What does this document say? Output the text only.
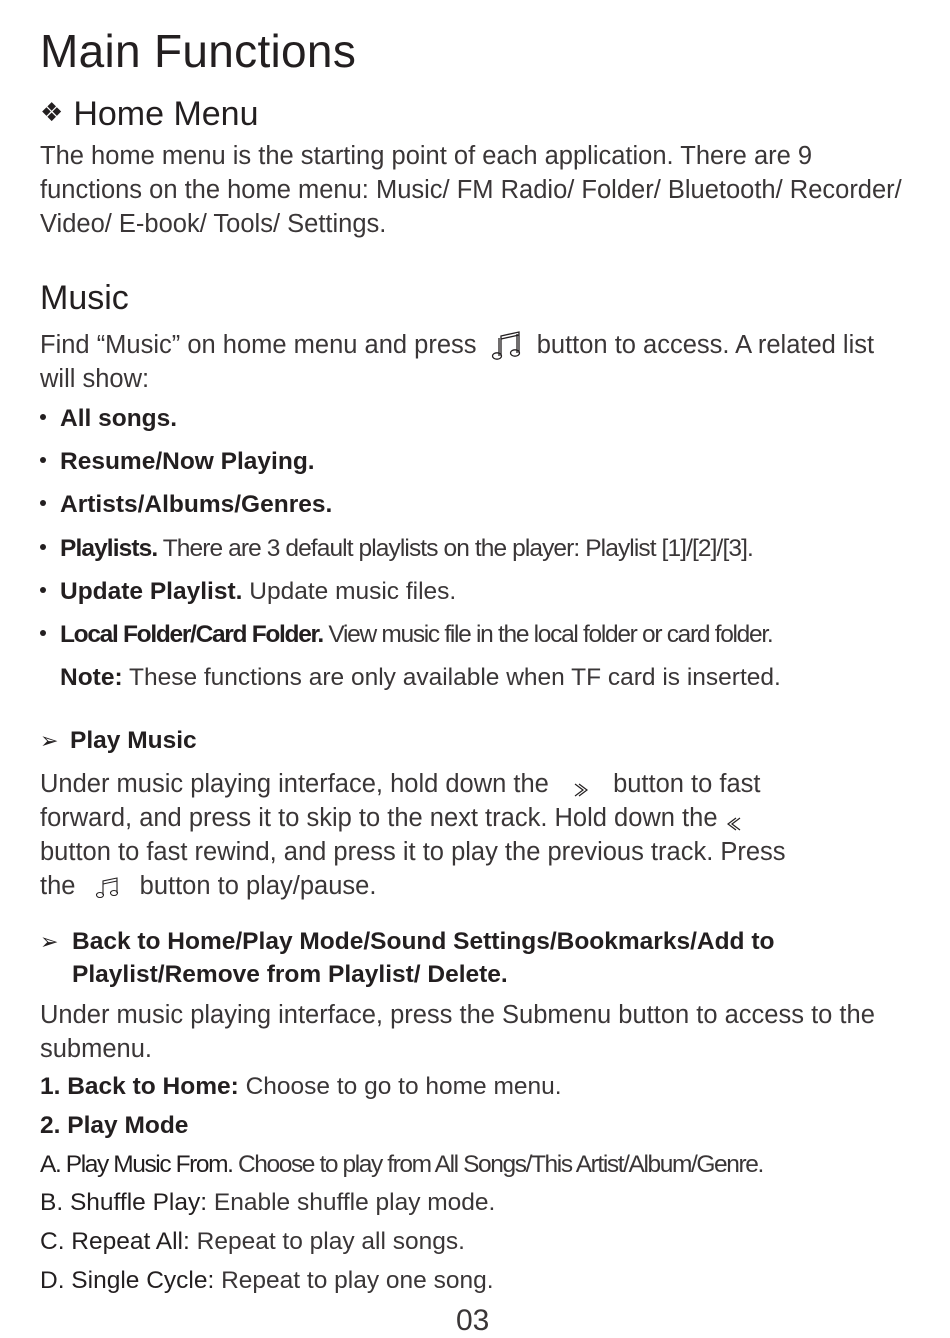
Main Functions
❖ Home Menu
The home menu is the starting point of each application. There are 9 functions on the home menu: Music/ FM Radio/ Folder/ Bluetooth/ Recorder/ Video/ E-book/ Tools/ Settings.
Music
Find “Music” on home menu and press button to access. A related list will show:
All songs.
Resume/Now Playing.
Artists/Albums/Genres.
Playlists. There are 3 default playlists on the player: Playlist [1]/[2]/[3].
Update Playlist. Update music files.
Local Folder/Card Folder. View music file in the local folder or card folder.
Note: These functions are only available when TF card is inserted.
➢ Play Music
Under music playing interface, hold down the	button to fast
forward, and press it to skip to the next track. Hold down the
button to fast rewind, and press it to play the previous track. Press
the	button to play/pause.
➢ Back to Home/Play Mode/Sound Settings/Bookmarks/Add to
Playlist/Remove from Playlist/ Delete.
Under music playing interface, press the Submenu button to access to the submenu.
1. Back to Home: Choose to go to home menu.
2. Play Mode
A. Play Music From. Choose to play from All Songs/This Artist/Album/Genre.
B. Shuffle Play: Enable shuffle play mode.
C. Repeat All: Repeat to play all songs.
D. Single Cycle: Repeat to play one song.
03
